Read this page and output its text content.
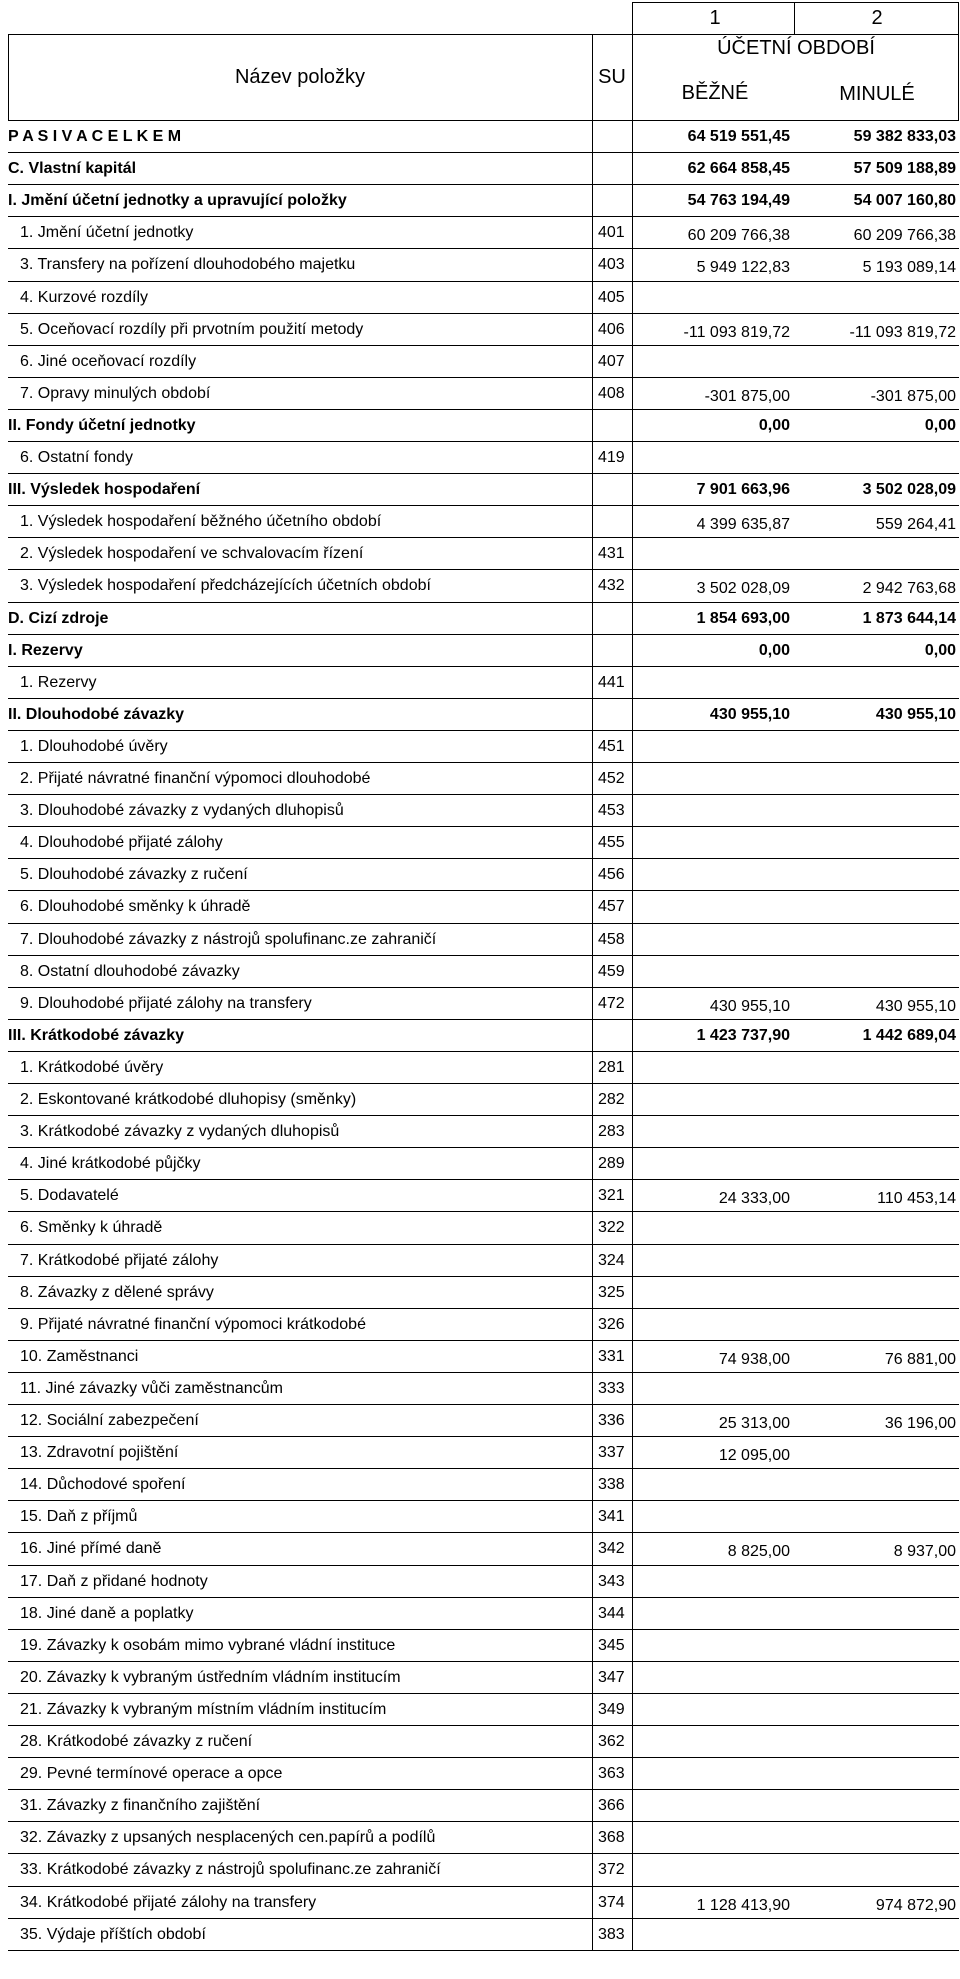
1	2
Název položky	SU
ÚČETNÍ OBDOBÍ
BĚŽNÉ	MINULÉ
P A S I V A C E L K E M	64 519 551,45	59 382 833,03
C. Vlastní kapitál	62 664 858,45	57 509 188,89
I. Jmění účetní jednotky a upravující položky	54 763 194,49	54 007 160,80
1. Jmění účetní jednotky	401	60 209 766,38	60 209 766,38
3. Transfery na pořízení dlouhodobého majetku	403	5 949 122,83	5 193 089,14
4. Kurzové rozdíly	405
5. Oceňovací rozdíly při prvotním použití metody	406	-11 093 819,72	-11 093 819,72
6. Jiné oceňovací rozdíly	407
7. Opravy minulých období	408	-301 875,00	-301 875,00
II. Fondy účetní jednotky	0,00	0,00
6. Ostatní fondy	419
III. Výsledek hospodaření	7 901 663,96	3 502 028,09
1. Výsledek hospodaření běžného účetního období	4 399 635,87	559 264,41
2. Výsledek hospodaření ve schvalovacím řízení	431
3. Výsledek hospodaření předcházejících účetních období	432	3 502 028,09	2 942 763,68
D. Cizí zdroje	1 854 693,00	1 873 644,14
I. Rezervy	0,00	0,00
1. Rezervy	441
II. Dlouhodobé závazky	430 955,10	430 955,10
1. Dlouhodobé úvěry	451
2. Přijaté návratné finanční výpomoci dlouhodobé	452
3. Dlouhodobé závazky z vydaných dluhopisů	453
4. Dlouhodobé přijaté zálohy	455
5. Dlouhodobé závazky z ručení	456
6. Dlouhodobé směnky k úhradě	457
7. Dlouhodobé závazky z nástrojů spolufinanc.ze zahraničí	458
8. Ostatní dlouhodobé závazky	459
9. Dlouhodobé přijaté zálohy na transfery	472	430 955,10	430 955,10
III. Krátkodobé závazky	1 423 737,90	1 442 689,04
1. Krátkodobé úvěry	281
2. Eskontované krátkodobé dluhopisy (směnky)	282
3. Krátkodobé závazky z vydaných dluhopisů	283
4. Jiné krátkodobé půjčky	289
5. Dodavatelé	321	24 333,00	110 453,14
6. Směnky k úhradě	322
7. Krátkodobé přijaté zálohy	324
8. Závazky z dělené správy	325
9. Přijaté návratné finanční výpomoci krátkodobé	326
10. Zaměstnanci	331	74 938,00	76 881,00
11. Jiné závazky vůči zaměstnancům	333
12. Sociální zabezpečení	336	25 313,00	36 196,00
13. Zdravotní pojištění	337	12 095,00
14. Důchodové spoření	338
15. Daň z příjmů	341
16. Jiné přímé daně	342	8 825,00	8 937,00
17. Daň z přidané hodnoty	343
18. Jiné daně a poplatky	344
19. Závazky k osobám mimo vybrané vládní instituce	345
20. Závazky k vybraným ústředním vládním institucím	347
21. Závazky k vybraným místním vládním institucím	349
28. Krátkodobé závazky z ručení	362
29. Pevné termínové operace a opce	363
31. Závazky z finančního zajištění	366
32. Závazky z upsaných nesplacených cen.papírů a podílů	368
33. Krátkodobé závazky z nástrojů spolufinanc.ze zahraničí	372
34. Krátkodobé přijaté zálohy na transfery	374	1 128 413,90	974 872,90
35. Výdaje příštích období	383
